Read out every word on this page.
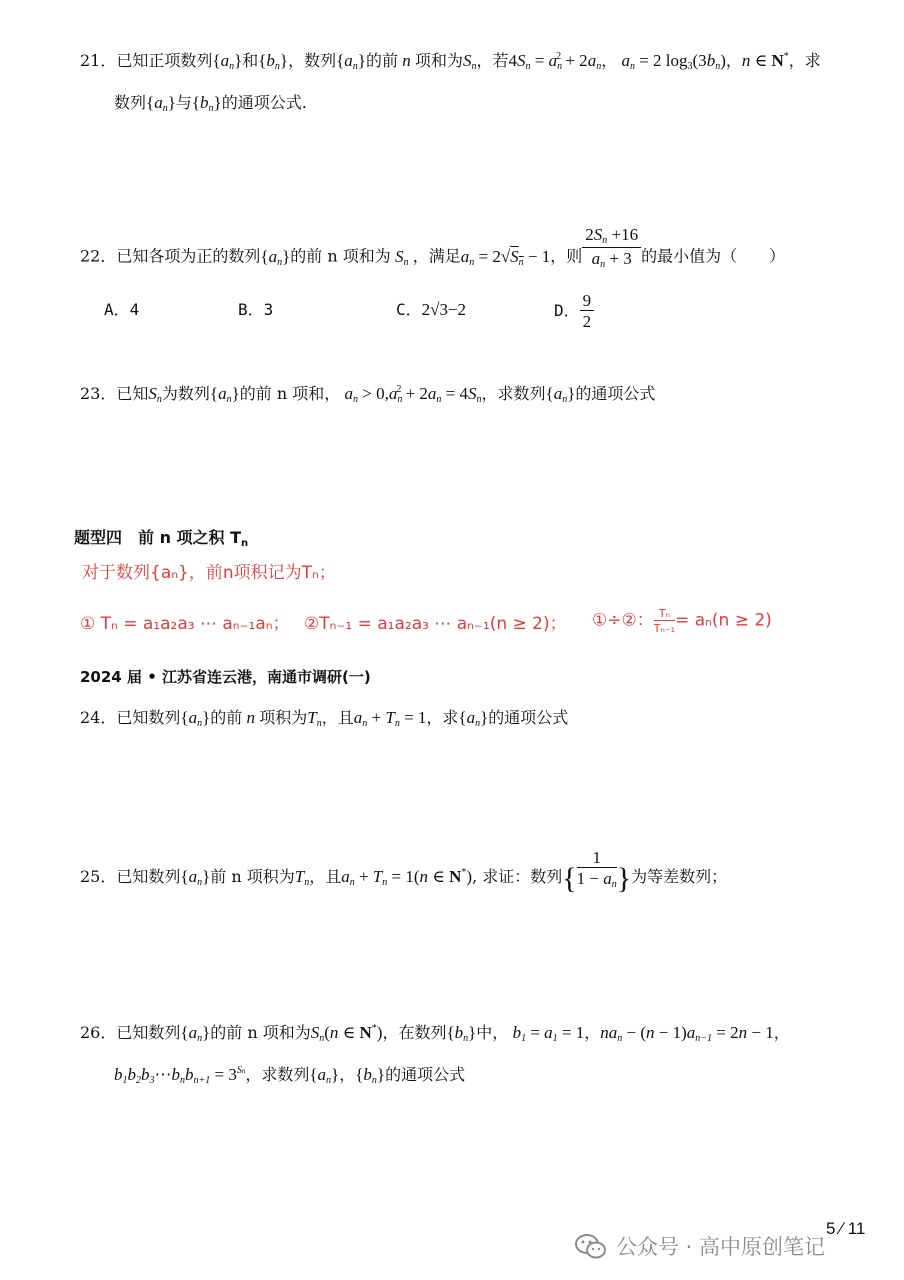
21．已知正项数列$\{a_n\}$和$\{b_n\}$，数列$\{a_n\}$的前 n 项和为$S_n$，若$4S_n = a_n^2 + 2a_n$， $a_n = 2$ $\log_3(3b_n)$，n ∈ N*，求
数列$\{a_n\}$与$\{b_n\}$的通项公式.
22．已知各项为正的数列$\{a_n\}$的前 n 项和为 $S_n$ ，满足$a_n = 2√S_n - 1$，则 $\frac{2S_n +16}{a_n + 3}$ 的最小值为（　　）
A．4	B．3	C．2√3−2	D． $\frac{9}{2}$
23．已知$S_n$为数列$\{a_n\}$的前 n 项和， $a_n > 0,a_n^2 + 2a_n = 4S_n$，求数列$\{a_n\}$的通项公式
题型四　前 n 项之积 Tn
对于数列{aₙ}，前n项积记为Tₙ；
① Tₙ = a₁a₂a₃ ⋯ aₙ₋₁aₙ； ②Tₙ₋₁ = a₁a₂a₃ ⋯ aₙ₋₁(n ≥ 2)； ①÷②： $\frac{\text{Tₙ}}{\text{Tₙ₋₁}} = a_n(n \ge 2)$
2024 届 • 江苏省连云港，南通市调研(一)
24．已知数列$\{a_n\}$的前 n 项积为$T_n$，且$a_n + T_n = 1$，求$\{a_n\}$的通项公式
25．已知数列$\{a_n\}$前 n 项积为$T_n$，且$a_n + T_n = 1(n$ ∈ N*), 求证：数列{ $\frac{1}{1 - a_n}$ }为等差数列；
26．已知数列$\{a_n\}$的前 n 项和为$S_n(n$ ∈ N*)，在数列$\{b_n\}$中， $b_1 = a_1 = 1$，$na_n - (n - 1)a_{n-1} = 2n - 1$，
$b_1b_2b_3\cdots b_nb_{n+1} = 3^{Sn}$，求数列$\{a_n\}$，$\{b_n\}$的通项公式
5 ∕ 11
公众号 · 高中原创笔记
